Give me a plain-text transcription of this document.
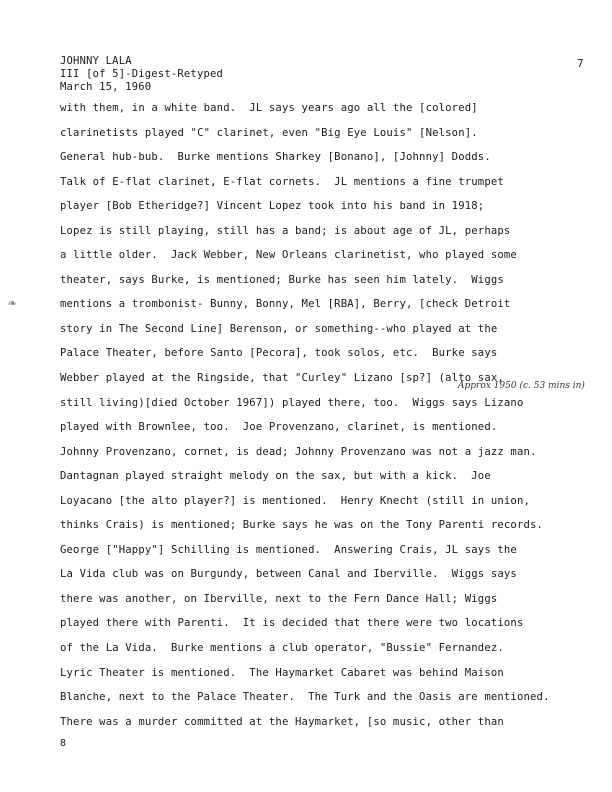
JOHNNY LALA
III [of 5]-Digest-Retyped
March 15, 1960
7
❧
with them, in a white band.  JL says years ago all the [colored]
clarinetists played "C" clarinet, even "Big Eye Louis" [Nelson].
General hub-bub.  Burke mentions Sharkey [Bonano], [Johnny] Dodds.
Talk of E-flat clarinet, E-flat cornets.  JL mentions a fine trumpet
player [Bob Etheridge?] Vincent Lopez took into his band in 1918;
Lopez is still playing, still has a band; is about age of JL, perhaps
a little older.  Jack Webber, New Orleans clarinetist, who played some
theater, says Burke, is mentioned; Burke has seen him lately.  Wiggs
mentions a trombonist- Bunny, Bonny, Mel [RBA], Berry, [check Detroit
story in The Second Line] Berenson, or something--who played at the
Palace Theater, before Santo [Pecora], took solos, etc.  Burke says
Webber played at the Ringside, that "Curley" Lizano [sp?] (alto sax,
still living)[died October 1967]) played there, too.  Wiggs says Lizano
played with Brownlee, too.  Joe Provenzano, clarinet, is mentioned.
Johnny Provenzano, cornet, is dead; Johnny Provenzano was not a jazz man.
Dantagnan played straight melody on the sax, but with a kick.  Joe
Loyacano [the alto player?] is mentioned.  Henry Knecht (still in union,
thinks Crais) is mentioned; Burke says he was on the Tony Parenti records.
George ["Happy"] Schilling is mentioned.  Answering Crais, JL says the
La Vida club was on Burgundy, between Canal and Iberville.  Wiggs says
there was another, on Iberville, next to the Fern Dance Hall; Wiggs
played there with Parenti.  It is decided that there were two locations
of the La Vida.  Burke mentions a club operator, "Bussie" Fernandez.
Lyric Theater is mentioned.  The Haymarket Cabaret was behind Maison
Blanche, next to the Palace Theater.  The Turk and the Oasis are mentioned.
There was a murder committed at the Haymarket, [so music, other than
Approx 1950 (c. 53 mins in)
8
